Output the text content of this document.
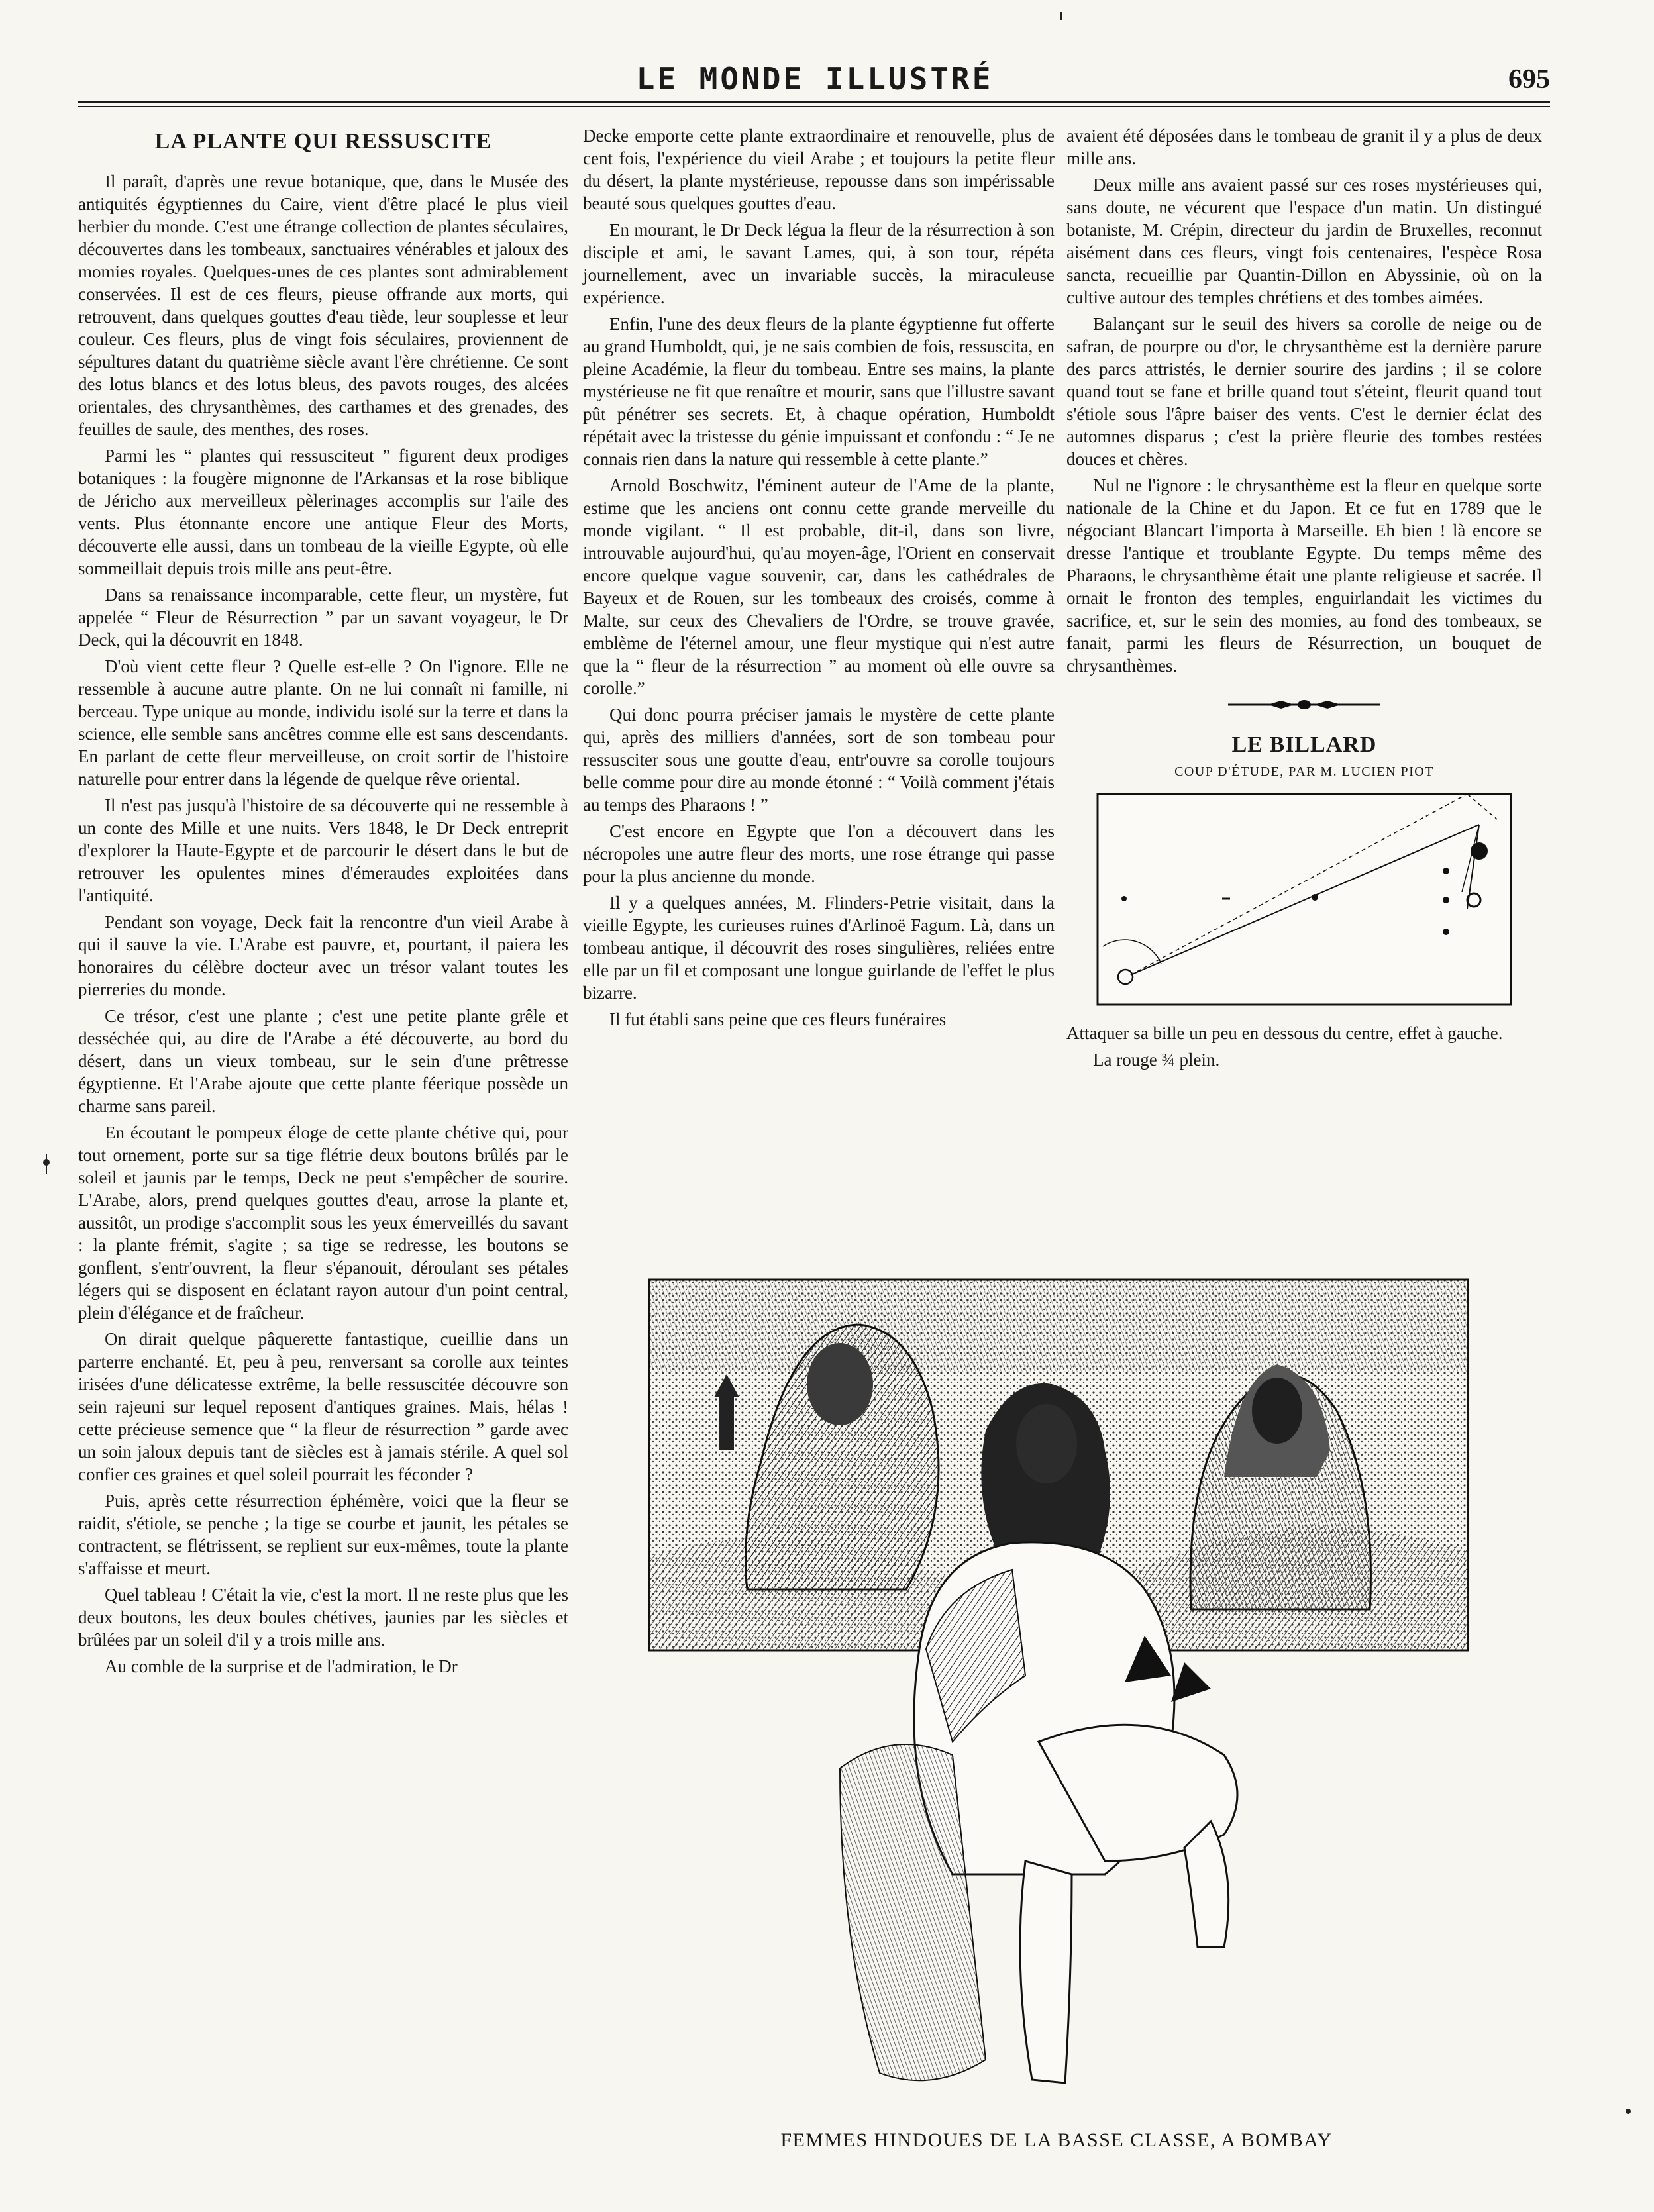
LE MONDE ILLUSTRÉ	695
LA PLANTE QUI RESSUSCITE

Il paraît, d'après une revue botanique, que, dans le Musée des antiquités égyptiennes du Caire, vient d'être placé le plus vieil herbier du monde. C'est une étrange collection de plantes séculaires, découvertes dans les tombeaux, sanctuaires vénérables et jaloux des momies royales. Quelques-unes de ces plantes sont admirablement conservées. Il est de ces fleurs, pieuse offrande aux morts, qui retrouvent, dans quelques gouttes d'eau tiède, leur souplesse et leur couleur. Ces fleurs, plus de vingt fois séculaires, proviennent de sépultures datant du quatrième siècle avant l'ère chrétienne. Ce sont des lotus blancs et des lotus bleus, des pavots rouges, des alcées orientales, des chrysanthèmes, des carthames et des grenades, des feuilles de saule, des menthes, des roses.

Parmi les “ plantes qui ressusciteut ” figurent deux prodiges botaniques : la fougère mignonne de l'Arkansas et la rose biblique de Jéricho aux merveilleux pèlerinages accomplis sur l'aile des vents. Plus étonnante encore une antique Fleur des Morts, découverte elle aussi, dans un tombeau de la vieille Egypte, où elle sommeillait depuis trois mille ans peut-être.

Dans sa renaissance incomparable, cette fleur, un mystère, fut appelée “ Fleur de Résurrection ” par un savant voyageur, le Dr Deck, qui la découvrit en 1848.

D'où vient cette fleur ? Quelle est-elle ? On l'ignore. Elle ne ressemble à aucune autre plante. On ne lui connaît ni famille, ni berceau. Type unique au monde, individu isolé sur la terre et dans la science, elle semble sans ancêtres comme elle est sans descendants. En parlant de cette fleur merveilleuse, on croit sortir de l'histoire naturelle pour entrer dans la légende de quelque rêve oriental.

Il n'est pas jusqu'à l'histoire de sa découverte qui ne ressemble à un conte des Mille et une nuits. Vers 1848, le Dr Deck entreprit d'explorer la Haute-Egypte et de parcourir le désert dans le but de retrouver les opulentes mines d'émeraudes exploitées dans l'antiquité.

Pendant son voyage, Deck fait la rencontre d'un vieil Arabe à qui il sauve la vie. L'Arabe est pauvre, et, pourtant, il paiera les honoraires du célèbre docteur avec un trésor valant toutes les pierreries du monde.

Ce trésor, c'est une plante ; c'est une petite plante grêle et desséchée qui, au dire de l'Arabe a été découverte, au bord du désert, dans un vieux tombeau, sur le sein d'une prêtresse égyptienne. Et l'Arabe ajoute que cette plante féerique possède un charme sans pareil.

En écoutant le pompeux éloge de cette plante chétive qui, pour tout ornement, porte sur sa tige flétrie deux boutons brûlés par le soleil et jaunis par le temps, Deck ne peut s'empêcher de sourire. L'Arabe, alors, prend quelques gouttes d'eau, arrose la plante et, aussitôt, un prodige s'accomplit sous les yeux émerveillés du savant : la plante frémit, s'agite ; sa tige se redresse, les boutons se gonflent, s'entr'ouvrent, la fleur s'épanouit, déroulant ses pétales légers qui se disposent en éclatant rayon autour d'un point central, plein d'élégance et de fraîcheur.

On dirait quelque pâquerette fantastique, cueillie dans un parterre enchanté. Et, peu à peu, renversant sa corolle aux teintes irisées d'une délicatesse extrême, la belle ressuscitée découvre son sein rajeuni sur lequel reposent d'antiques graines. Mais, hélas ! cette précieuse semence que “ la fleur de résurrection ” garde avec un soin jaloux depuis tant de siècles est à jamais stérile. A quel sol confier ces graines et quel soleil pourrait les féconder ?

Puis, après cette résurrection éphémère, voici que la fleur se raidit, s'étiole, se penche ; la tige se courbe et jaunit, les pétales se contractent, se flétrissent, se replient sur eux-mêmes, toute la plante s'affaisse et meurt.

Quel tableau ! C'était la vie, c'est la mort. Il ne reste plus que les deux boutons, les deux boules chétives, jaunies par les siècles et brûlées par un soleil d'il y a trois mille ans.

Au comble de la surprise et de l'admiration, le Dr

Decke emporte cette plante extraordinaire et renouvelle, plus de cent fois, l'expérience du vieil Arabe ; et toujours la petite fleur du désert, la plante mystérieuse, repousse dans son impérissable beauté sous quelques gouttes d'eau.

En mourant, le Dr Deck légua la fleur de la résurrection à son disciple et ami, le savant Lames, qui, à son tour, répéta journellement, avec un invariable succès, la miraculeuse expérience.

Enfin, l'une des deux fleurs de la plante égyptienne fut offerte au grand Humboldt, qui, je ne sais combien de fois, ressuscita, en pleine Académie, la fleur du tombeau. Entre ses mains, la plante mystérieuse ne fit que renaître et mourir, sans que l'illustre savant pût pénétrer ses secrets. Et, à chaque opération, Humboldt répétait avec la tristesse du génie impuissant et confondu : “ Je ne connais rien dans la nature qui ressemble à cette plante.”

Arnold Boschwitz, l'éminent auteur de l'Ame de la plante, estime que les anciens ont connu cette grande merveille du monde vigilant. “ Il est probable, dit-il, dans son livre, introuvable aujourd'hui, qu'au moyen-âge, l'Orient en conservait encore quelque vague souvenir, car, dans les cathédrales de Bayeux et de Rouen, sur les tombeaux des croisés, comme à Malte, sur ceux des Chevaliers de l'Ordre, se trouve gravée, emblème de l'éternel amour, une fleur mystique qui n'est autre que la “ fleur de la résurrection ” au moment où elle ouvre sa corolle.”

Qui donc pourra préciser jamais le mystère de cette plante qui, après des milliers d'années, sort de son tombeau pour ressusciter sous une goutte d'eau, entr'ouvre sa corolle toujours belle comme pour dire au monde étonné : “ Voilà comment j'étais au temps des Pharaons ! ”

C'est encore en Egypte que l'on a découvert dans les nécropoles une autre fleur des morts, une rose étrange qui passe pour la plus ancienne du monde.

Il y a quelques années, M. Flinders-Petrie visitait, dans la vieille Egypte, les curieuses ruines d'Arlinoë Fagum. Là, dans un tombeau antique, il découvrit des roses singulières, reliées entre elle par un fil et composant une longue guirlande de l'effet le plus bizarre.

Il fut établi sans peine que ces fleurs funéraires

avaient été déposées dans le tombeau de granit il y a plus de deux mille ans.

Deux mille ans avaient passé sur ces roses mystérieuses qui, sans doute, ne vécurent que l'espace d'un matin. Un distingué botaniste, M. Crépin, directeur du jardin de Bruxelles, reconnut aisément dans ces fleurs, vingt fois centenaires, l'espèce Rosa sancta, recueillie par Quantin-Dillon en Abyssinie, où on la cultive autour des temples chrétiens et des tombes aimées.

Balançant sur le seuil des hivers sa corolle de neige ou de safran, de pourpre ou d'or, le chrysanthème est la dernière parure des parcs attristés, le dernier sourire des jardins ; il se colore quand tout se fane et brille quand tout s'éteint, fleurit quand tout s'étiole sous l'âpre baiser des vents. C'est le dernier éclat des automnes disparus ; c'est la prière fleurie des tombes restées douces et chères.

Nul ne l'ignore : le chrysanthème est la fleur en quelque sorte nationale de la Chine et du Japon. Et ce fut en 1789 que le négociant Blancart l'importa à Marseille. Eh bien ! là encore se dresse l'antique et troublante Egypte. Du temps même des Pharaons, le chrysanthème était une plante religieuse et sacrée. Il ornait le fronton des temples, enguirlandait les victimes du sacrifice, et, sur le sein des momies, au fond des tombeaux, se fanait, parmi les fleurs de Résurrection, un bouquet de chrysanthèmes.

LE BILLARD
COUP D'ÉTUDE, PAR M. LUCIEN PIOT

Attaquer sa bille un peu en dessous du centre, effet à gauche.

La rouge ¾ plein.

FEMMES HINDOUES DE LA BASSE CLASSE, A BOMBAY
